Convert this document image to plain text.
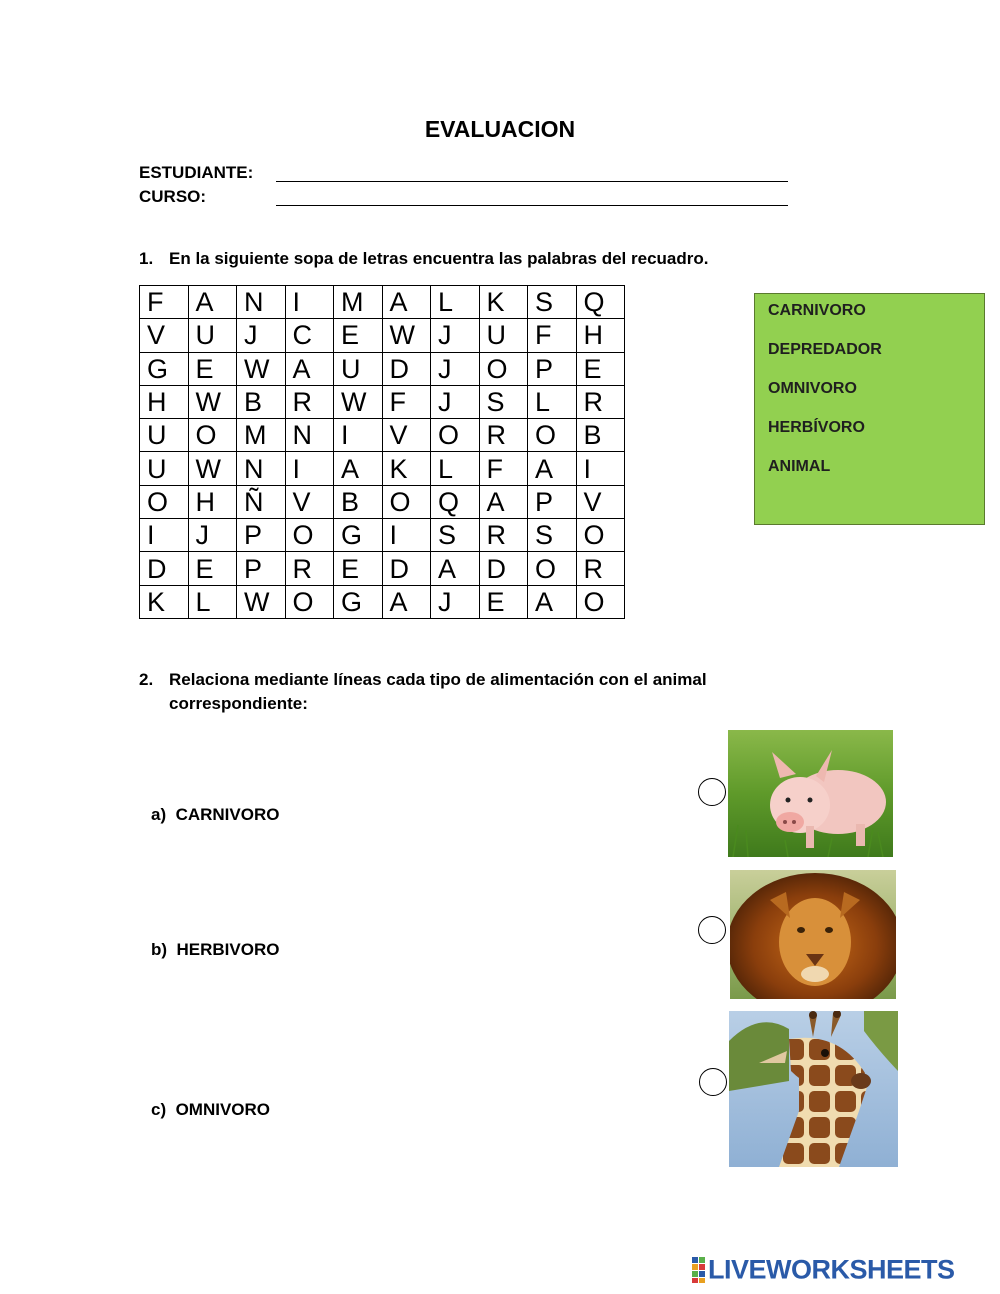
EVALUACION
ESTUDIANTE:
CURSO:
1. En la siguiente sopa de letras encuentra las palabras del recuadro.
F	A	N	I	M	A	L	K	S	Q
V	U	J	C	E	W	J	U	F	H
G	E	W	A	U	D	J	O	P	E
H	W	B	R	W	F	J	S	L	R
U	O	M	N	I	V	O	R	O	B
U	W	N	I	A	K	L	F	A	I
O	H	Ñ	V	B	O	Q	A	P	V
I	J	P	O	G	I	S	R	S	O
D	E	P	R	E	D	A	D	O	R
K	L	W	O	G	A	J	E	A	O
CARNIVORO
DEPREDADOR
OMNIVORO
HERBÍVORO
ANIMAL
2. Relaciona mediante líneas cada tipo de alimentación con el animal correspondiente:
a) CARNIVORO
b) HERBIVORO
c) OMNIVORO
LIVEWORKSHEETS
